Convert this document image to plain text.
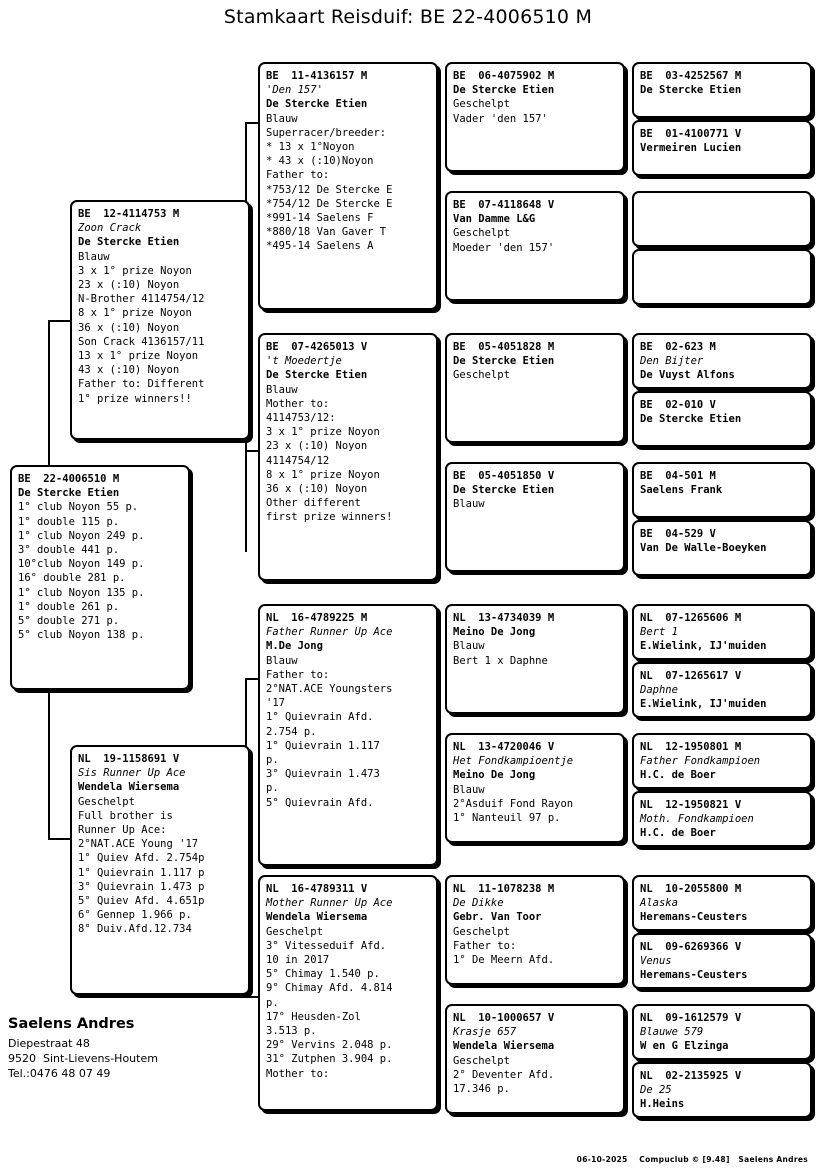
Stamkaart Reisduif: BE 22-4006510 M
BE  22-4006510 M
De Stercke Etien
1° club Noyon 55 p.
1° double 115 p.
1° club Noyon 249 p.
3° double 441 p.
10°club Noyon 149 p.
16° double 281 p.
1° club Noyon 135 p.
1° double 261 p.
5° double 271 p.
5° club Noyon 138 p.
BE  12-4114753 M
Zoon Crack
De Stercke Etien
Blauw
3 x 1° prize Noyon
23 x (:10) Noyon
N-Brother 4114754/12
8 x 1° prize Noyon
36 x (:10) Noyon
Son Crack 4136157/11
13 x 1° prize Noyon
43 x (:10) Noyon
Father to: Different
1° prize winners!!
NL  19-1158691 V
Sis Runner Up Ace
Wendela Wiersema
Geschelpt
Full brother is
Runner Up Ace:
2°NAT.ACE Young '17
1° Quiev Afd. 2.754p
1° Quievrain 1.117 p
3° Quievrain 1.473 p
5° Quiev Afd. 4.651p
6° Gennep 1.966 p.
8° Duiv.Afd.12.734
BE  11-4136157 M
'Den 157'
De Stercke Etien
Blauw
Superracer/breeder:
* 13 x 1°Noyon
* 43 x (:10)Noyon
Father to:
*753/12 De Stercke E
*754/12 De Stercke E
*991-14 Saelens F
*880/18 Van Gaver T
*495-14 Saelens A
BE  07-4265013 V
't Moedertje
De Stercke Etien
Blauw
Mother to:
4114753/12:
3 x 1° prize Noyon
23 x (:10) Noyon
4114754/12
8 x 1° prize Noyon
36 x (:10) Noyon
Other different
first prize winners!
NL  16-4789225 M
Father Runner Up Ace
M.De Jong
Blauw
Father to:
2°NAT.ACE Youngsters
'17
1° Quievrain Afd.
2.754 p.
1° Quievrain 1.117
p.
3° Quievrain 1.473
p.
5° Quievrain Afd.
NL  16-4789311 V
Mother Runner Up Ace
Wendela Wiersema
Geschelpt
3° Vitesseduif Afd.
10 in 2017
5° Chimay 1.540 p.
9° Chimay Afd. 4.814
p.
17° Heusden-Zol
3.513 p.
29° Vervins 2.048 p.
31° Zutphen 3.904 p.
Mother to:
BE  06-4075902 M
De Stercke Etien
Geschelpt
Vader 'den 157'
BE  07-4118648 V
Van Damme L&G
Geschelpt
Moeder 'den 157'
BE  05-4051828 M
De Stercke Etien
Geschelpt
BE  05-4051850 V
De Stercke Etien
Blauw
NL  13-4734039 M
Meino De Jong
Blauw
Bert 1 x Daphne
NL  13-4720046 V
Het Fondkampioentje
Meino De Jong
Blauw
2°Asduif Fond Rayon
1° Nanteuil 97 p.
NL  11-1078238 M
De Dikke
Gebr. Van Toor
Geschelpt
Father to:
1° De Meern Afd.
NL  10-1000657 V
Krasje 657
Wendela Wiersema
Geschelpt
2° Deventer Afd.
17.346 p.
BE  03-4252567 M
De Stercke Etien
BE  01-4100771 V
Vermeiren Lucien
BE  02-623 M
Den Bijter
De Vuyst Alfons
BE  02-010 V
De Stercke Etien
BE  04-501 M
Saelens Frank
BE  04-529 V
Van De Walle-Boeyken
NL  07-1265606 M
Bert 1
E.Wielink, IJ'muiden
NL  07-1265617 V
Daphne
E.Wielink, IJ'muiden
NL  12-1950801 M
Father Fondkampioen
H.C. de Boer
NL  12-1950821 V
Moth. Fondkampioen
H.C. de Boer
NL  10-2055800 M
Alaska
Heremans-Ceusters
NL  09-6269366 V
Venus
Heremans-Ceusters
NL  09-1612579 V
Blauwe 579
W en G Elzinga
NL  02-2135925 V
De 25
H.Heins
Saelens Andres
Diepestraat 48
9520  Sint-Lievens-Houtem
Tel.:0476 48 07 49
06-10-2025    Compuclub © [9.48]   Saelens Andres
